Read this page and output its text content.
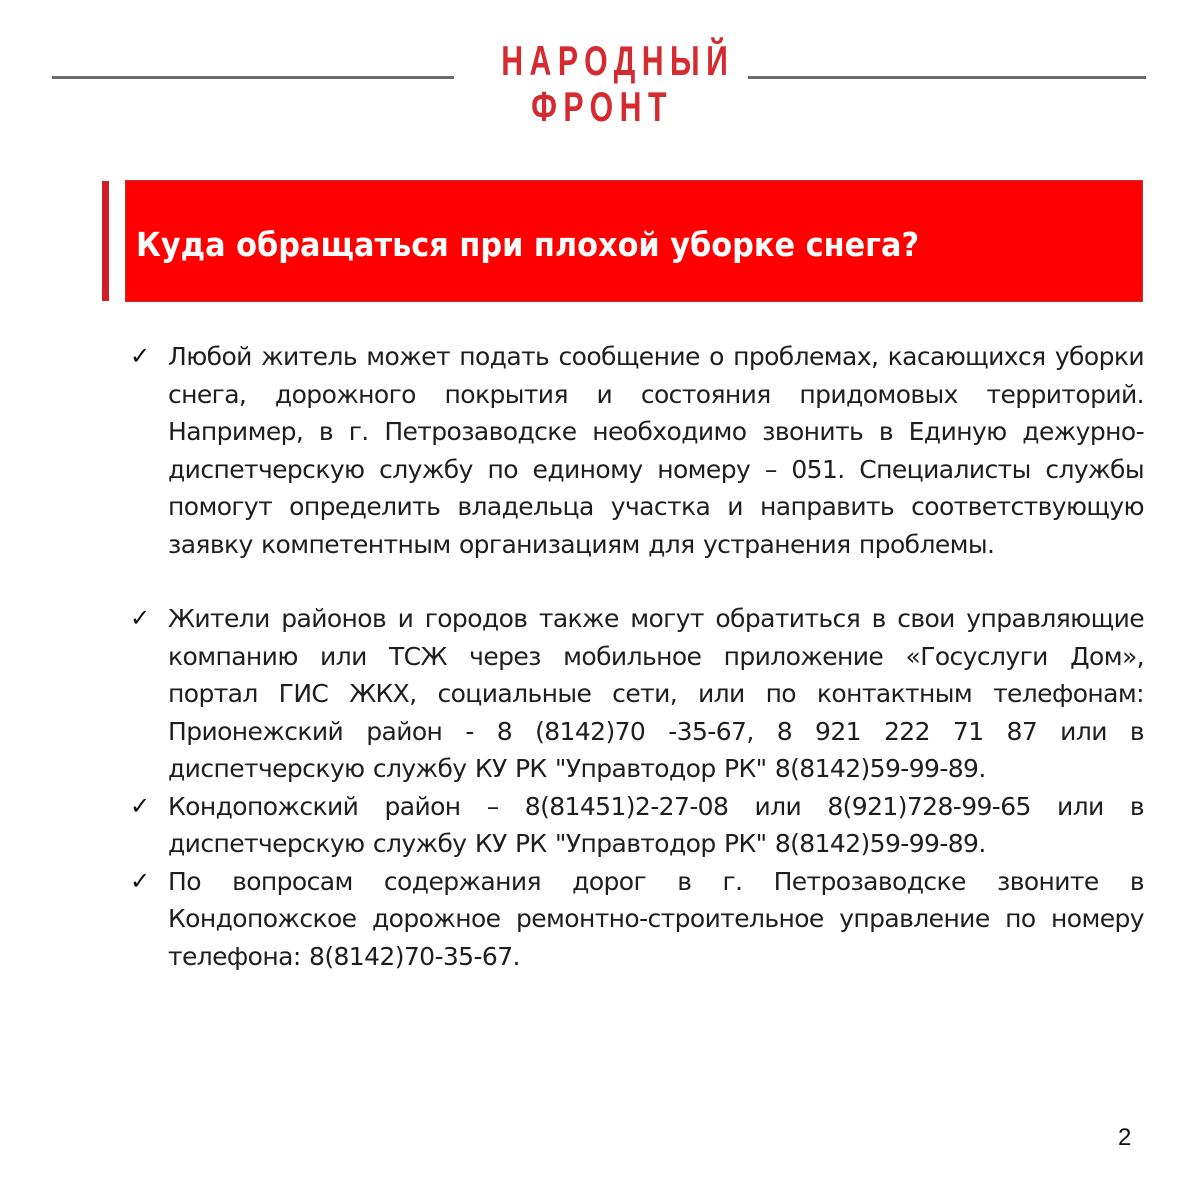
НАРОДНЫЙ
ФРОНТ
Куда обращаться при плохой уборке снега?
✓ Любой житель может подать сообщение о проблемах, касающихся уборки снега, дорожного покрытия и состояния придомовых территорий. Например, в г. Петрозаводске необходимо звонить в Единую дежурно-диспетчерскую службу по единому номеру – 051. Специалисты службы помогут определить владельца участка и направить соответствующую заявку компетентным организациям для устранения проблемы.
✓ Жители районов и городов также могут обратиться в свои управляющие компанию или ТСЖ через мобильное приложение «Госуслуги Дом», портал ГИС ЖКХ, социальные сети, или по контактным телефонам: Прионежский район - 8 (8142)70 -35-67, 8 921 222 71 87 или в диспетчерскую службу КУ РК "Управтодор РК" 8(8142)59-99-89.
✓ Кондопожский район – 8(81451)2-27-08 или 8(921)728-99-65 или в диспетчерскую службу КУ РК "Управтодор РК" 8(8142)59-99-89.
✓ По вопросам содержания дорог в г. Петрозаводске звоните в Кондопожское дорожное ремонтно-строительное управление по номеру телефона: 8(8142)70-35-67.
2
